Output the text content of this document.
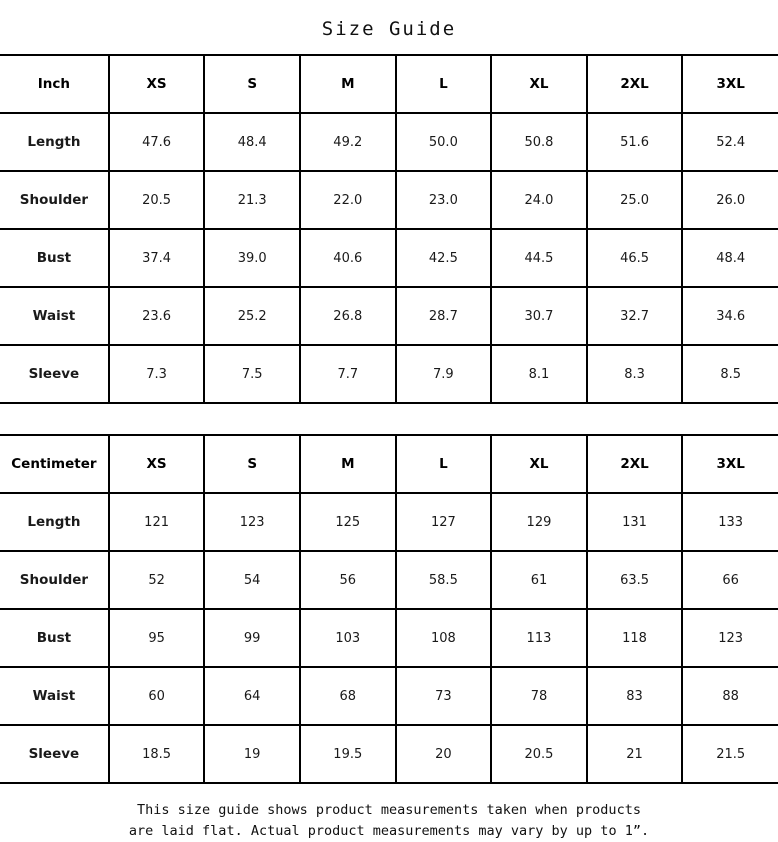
Size Guide
Inch	XS	S	M	L	XL	2XL	3XL
Length	47.6	48.4	49.2	50.0	50.8	51.6	52.4
Shoulder	20.5	21.3	22.0	23.0	24.0	25.0	26.0
Bust	37.4	39.0	40.6	42.5	44.5	46.5	48.4
Waist	23.6	25.2	26.8	28.7	30.7	32.7	34.6
Sleeve	7.3	7.5	7.7	7.9	8.1	8.3	8.5
Centimeter	XS	S	M	L	XL	2XL	3XL
Length	121	123	125	127	129	131	133
Shoulder	52	54	56	58.5	61	63.5	66
Bust	95	99	103	108	113	118	123
Waist	60	64	68	73	78	83	88
Sleeve	18.5	19	19.5	20	20.5	21	21.5
This size guide shows product measurements taken when products
are laid flat. Actual product measurements may vary by up to 1”.
